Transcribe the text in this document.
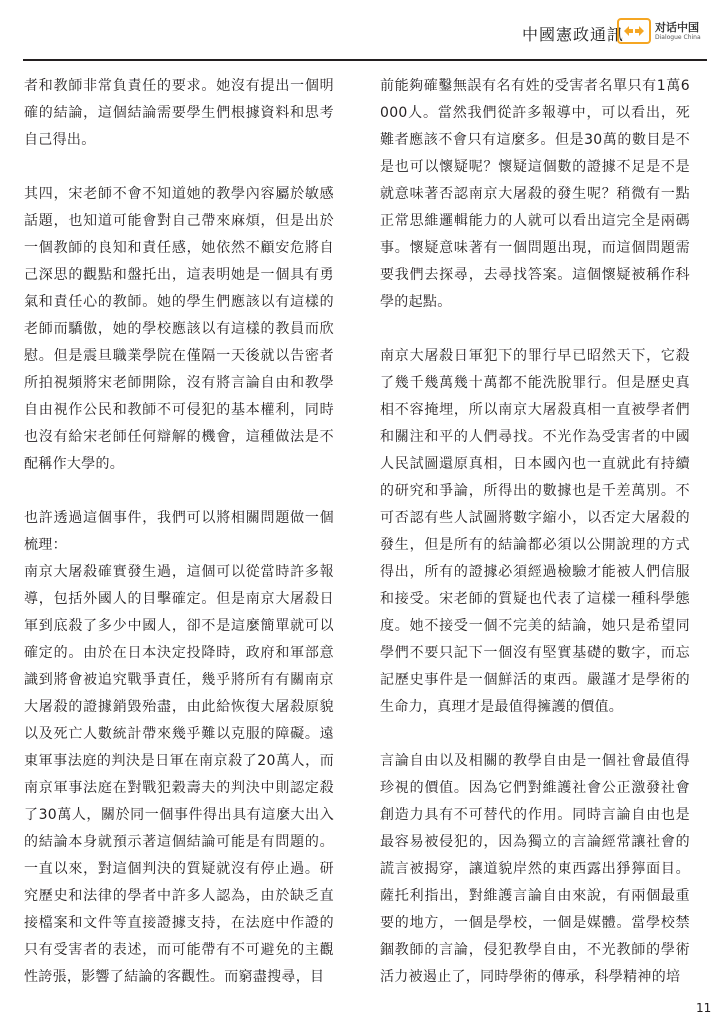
中國憲政通訊	对话中国
Dialogue China

者和教師非常負責任的要求。她沒有提出一個明確的結論，這個結論需要學生們根據資料和思考自己得出。

其四，宋老師不會不知道她的教學內容屬於敏感話題，也知道可能會對自己帶來麻煩，但是出於一個教師的良知和責任感，她依然不顧安危將自己深思的觀點和盤托出，這表明她是一個具有勇氣和責任心的教師。她的學生們應該以有這樣的老師而驕傲，她的學校應該以有這樣的教員而欣慰。但是震旦職業學院在僅隔一天後就以告密者所拍視頻將宋老師開除，沒有將言論自由和教學自由視作公民和教師不可侵犯的基本權利，同時也沒有給宋老師任何辯解的機會，這種做法是不配稱作大學的。

也許透過這個事件，我們可以將相關問題做一個梳理：

南京大屠殺確實發生過，這個可以從當時許多報導，包括外國人的目擊確定。但是南京大屠殺日軍到底殺了多少中國人，卻不是這麼簡單就可以確定的。由於在日本決定投降時，政府和軍部意識到將會被追究戰爭責任，幾乎將所有有關南京大屠殺的證據銷毀殆盡，由此給恢復大屠殺原貌以及死亡人數統計帶來幾乎難以克服的障礙。遠東軍事法庭的判決是日軍在南京殺了20萬人，而南京軍事法庭在對戰犯穀壽夫的判決中則認定殺了30萬人，關於同一個事件得出具有這麼大出入的結論本身就預示著這個結論可能是有問題的。一直以來，對這個判決的質疑就沒有停止過。研究歷史和法律的學者中許多人認為，由於缺乏直接檔案和文件等直接證據支持，在法庭中作證的只有受害者的表述，而可能帶有不可避免的主觀性誇張，影響了結論的客觀性。而窮盡搜尋，目

前能夠確鑿無誤有名有姓的受害者名單只有1萬6000人。當然我們從許多報導中，可以看出，死難者應該不會只有這麼多。但是30萬的數目是不是也可以懷疑呢？懷疑這個數的證據不足是不是就意味著否認南京大屠殺的發生呢？稍微有一點正常思維邏輯能力的人就可以看出這完全是兩碼事。懷疑意味著有一個問題出現，而這個問題需要我們去探尋，去尋找答案。這個懷疑被稱作科學的起點。

南京大屠殺日軍犯下的罪行早已昭然天下，它殺了幾千幾萬幾十萬都不能洗脫罪行。但是歷史真相不容掩埋，所以南京大屠殺真相一直被學者們和關注和平的人們尋找。不光作為受害者的中國人民試圖還原真相，日本國內也一直就此有持續的研究和爭論，所得出的數據也是千差萬別。不可否認有些人試圖將數字縮小，以否定大屠殺的發生，但是所有的結論都必須以公開說理的方式得出，所有的證據必須經過檢驗才能被人們信服和接受。宋老師的質疑也代表了這樣一種科學態度。她不接受一個不完美的結論，她只是希望同學們不要只記下一個沒有堅實基礎的數字，而忘記歷史事件是一個鮮活的東西。嚴謹才是學術的生命力，真理才是最值得擁護的價值。

言論自由以及相關的教學自由是一個社會最值得珍視的價值。因為它們對維護社會公正激發社會創造力具有不可替代的作用。同時言論自由也是最容易被侵犯的，因為獨立的言論經常讓社會的謊言被揭穿，讓道貌岸然的東西露出猙獰面目。薩托利指出，對維護言論自由來說，有兩個最重要的地方，一個是學校，一個是媒體。當學校禁錮教師的言論，侵犯教學自由，不光教師的學術活力被遏止了，同時學術的傳承，科學精神的培

11
